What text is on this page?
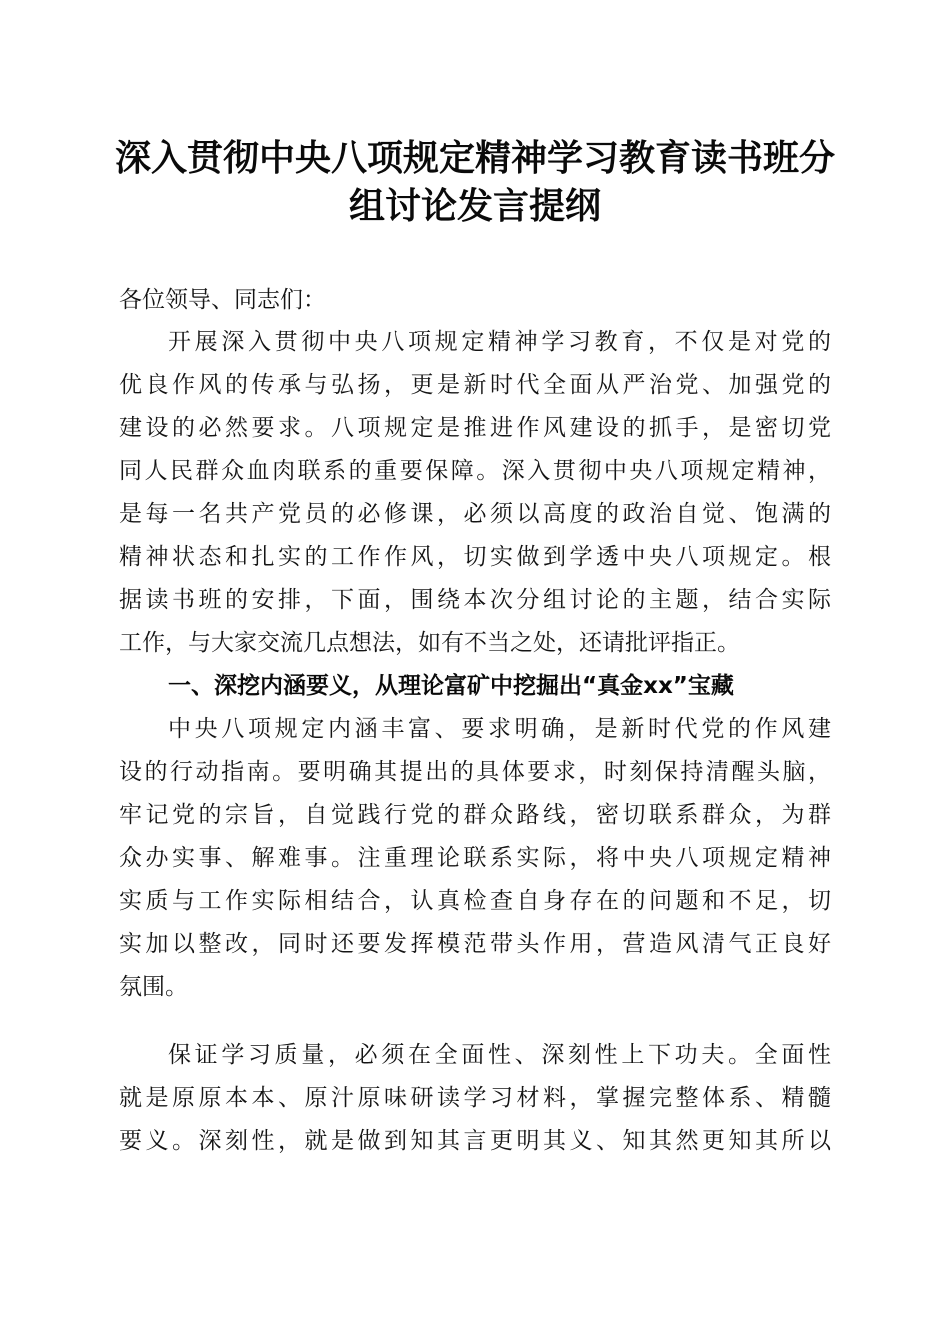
深入贯彻中央八项规定精神学习教育读书班分
组讨论发言提纲
各位领导、同志们：
开展深入贯彻中央八项规定精神学习教育，不仅是对党的
优良作风的传承与弘扬，更是新时代全面从严治党、加强党的
建设的必然要求。八项规定是推进作风建设的抓手，是密切党
同人民群众血肉联系的重要保障。深入贯彻中央八项规定精神，
是每一名共产党员的必修课，必须以高度的政治自觉、饱满的
精神状态和扎实的工作作风，切实做到学透中央八项规定。根
据读书班的安排，下面，围绕本次分组讨论的主题，结合实际
工作，与大家交流几点想法，如有不当之处，还请批评指正。
一、深挖内涵要义，从理论富矿中挖掘出“真金xx”宝藏
中央八项规定内涵丰富、要求明确，是新时代党的作风建
设的行动指南。要明确其提出的具体要求，时刻保持清醒头脑，
牢记党的宗旨，自觉践行党的群众路线，密切联系群众，为群
众办实事、解难事。注重理论联系实际，将中央八项规定精神
实质与工作实际相结合，认真检查自身存在的问题和不足，切
实加以整改，同时还要发挥模范带头作用，营造风清气正良好
氛围。
保证学习质量，必须在全面性、深刻性上下功夫。全面性
就是原原本本、原汁原味研读学习材料，掌握完整体系、精髓
要义。深刻性，就是做到知其言更明其义、知其然更知其所以
